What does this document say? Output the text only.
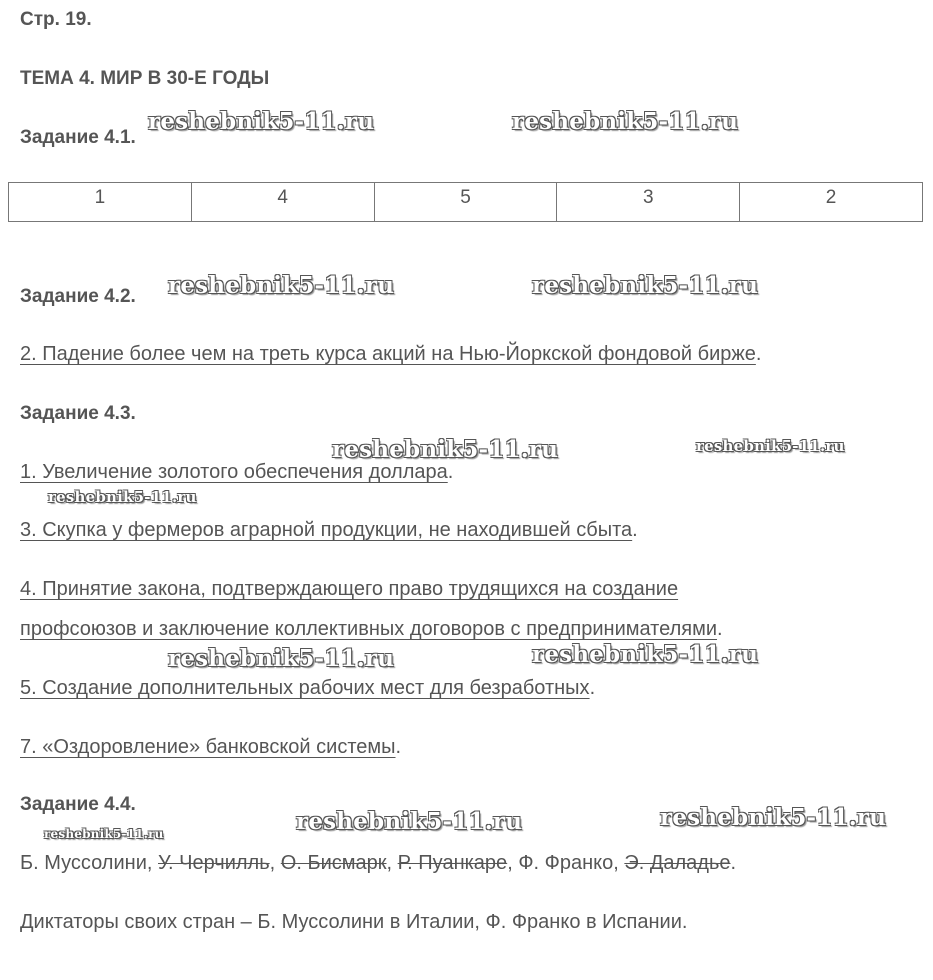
Стр. 19.
ТЕМА 4. МИР В 30-Е ГОДЫ
Задание 4.1.
1	4	5	3	2
Задание 4.2.
2. Падение более чем на треть курса акций на Нью-Йоркской фондовой бирже.
Задание 4.3.
1. Увеличение золотого обеспечения доллара.
3. Скупка у фермеров аграрной продукции, не находившей сбыта.
4. Принятие закона, подтверждающего право трудящихся на создание
профсоюзов и заключение коллективных договоров с предпринимателями.
5. Создание дополнительных рабочих мест для безработных.
7. «Оздоровление» банковской системы.
Задание 4.4.
Б. Муссолини, У. Черчилль, О. Бисмарк, Р. Пуанкаре, Ф. Франко, Э. Даладье.
Диктаторы своих стран – Б. Муссолини в Италии, Ф. Франко в Испании.
reshebnik5-11.ru	reshebnik5-11.ru
reshebnik5-11.ru	reshebnik5-11.ru
reshebnik5-11.ru	reshebnik5-11.ru
reshebnik5-11.ru
reshebnik5-11.ru	reshebnik5-11.ru
reshebnik5-11.ru	reshebnik5-11.ru
reshebnik5-11.ru
